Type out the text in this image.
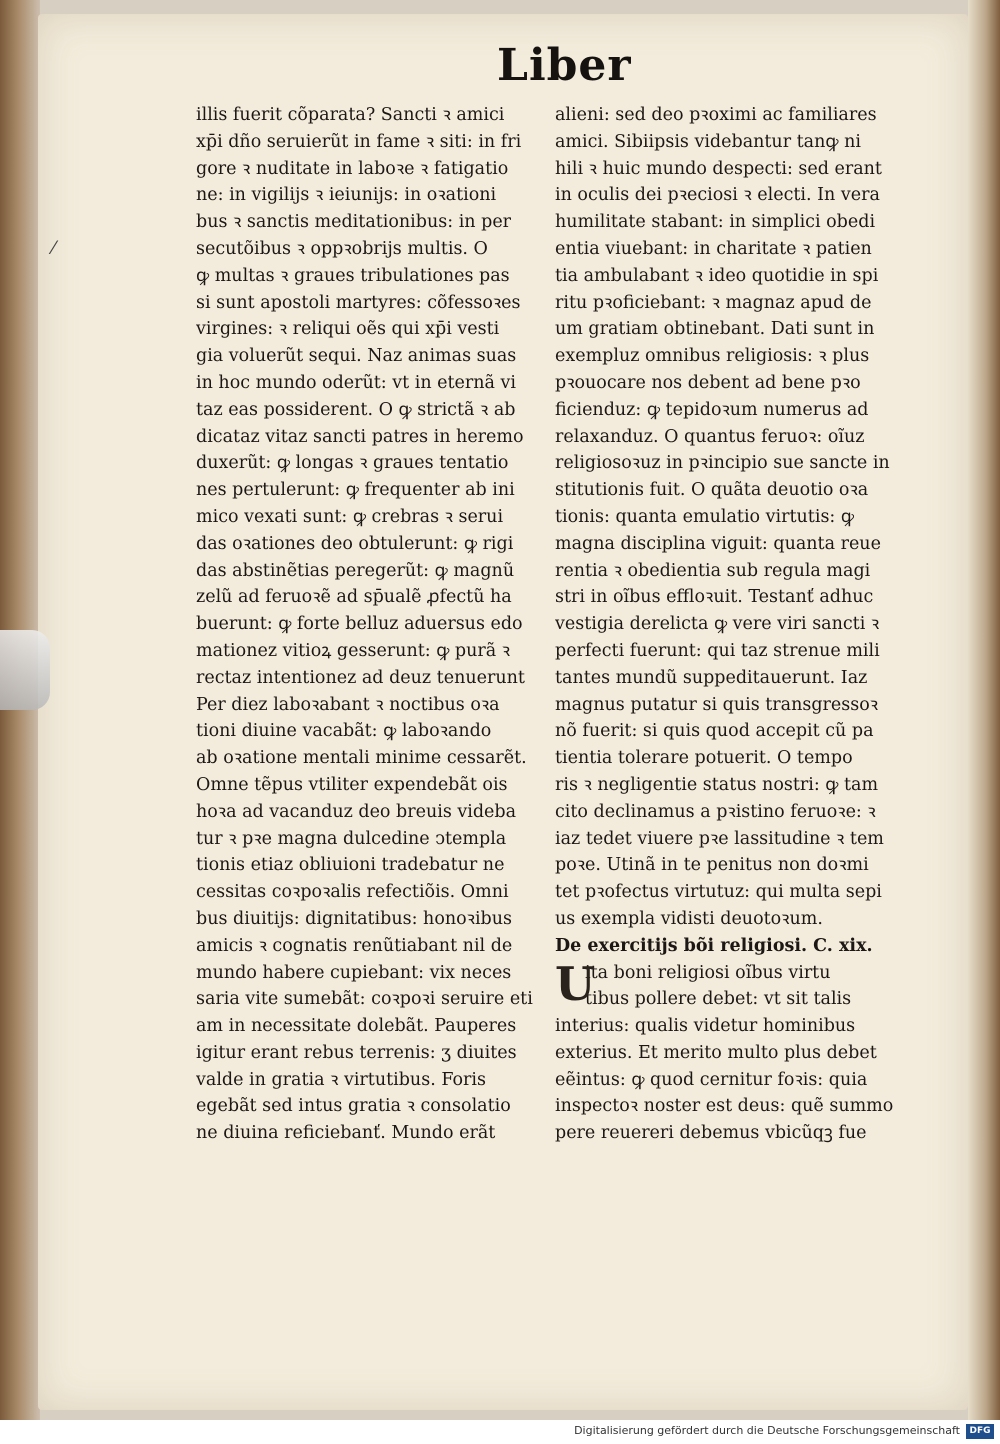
⁄
Liber
illis fuerit cõparata? Sancti ꝛ amici
xp̄i dño seruierũt in fame ꝛ siti: in fri
gore ꝛ nuditate in laboꝛe ꝛ fatigatio
ne: in vigilijs ꝛ ieiunijs: in oꝛationi
bus ꝛ sanctis meditationibus: in per
secutõibus ꝛ oppꝛobrijs multis. O
ꝙ multas ꝛ graues tribulationes pas
si sunt apostoli martyres: cõfessoꝛes
virgines: ꝛ reliqui oẽs qui xp̄i vesti
gia voluerũt sequi. Naz animas suas
in hoc mundo oderũt: vt in eternã vi
taz eas possiderent. O ꝙ strictã ꝛ ab
dicataz vitaz sancti patres in heremo
duxerũt: ꝙ longas ꝛ graues tentatio
nes pertulerunt: ꝙ frequenter ab ini
mico vexati sunt: ꝙ crebras ꝛ serui
das oꝛationes deo obtulerunt: ꝙ rigi
das abstinẽtias peregerũt: ꝙ magnũ
zelũ ad feruoꝛẽ ad sp̄ualẽ ꝓfectũ ha
buerunt: ꝙ forte belluz aduersus edo
mationez vitioꝝ gesserunt: ꝙ purã ꝛ
rectaz intentionez ad deuz tenuerunt
Per diez laboꝛabant ꝛ noctibus oꝛa
tioni diuine vacabãt: ꝙ laboꝛando
ab oꝛatione mentali minime cessarẽt.
Omne tẽpus vtiliter expendebãt ois
hoꝛa ad vacanduz deo breuis videba
tur ꝛ pꝛe magna dulcedine ↄtempla
tionis etiaz obliuioni tradebatur ne
cessitas coꝛpoꝛalis refectiõis. Omni
bus diuitijs: dignitatibus: honoꝛibus
amicis ꝛ cognatis renũtiabant nil de
mundo habere cupiebant: vix neces
saria vite sumebãt: coꝛpoꝛi seruire eti
am in necessitate dolebãt. Pauperes
igitur erant rebus terrenis: ʒ diuites
valde in gratia ꝛ virtutibus. Foris
egebãt sed intus gratia ꝛ consolatio
ne diuina reficiebanť. Mundo erãt
alieni: sed deo pꝛoximi ac familiares
amici. Sibiipsis videbantur tanꝙ ni
hili ꝛ huic mundo despecti: sed erant
in oculis dei pꝛeciosi ꝛ electi. In vera
humilitate stabant: in simplici obedi
entia viuebant: in charitate ꝛ patien
tia ambulabant ꝛ ideo quotidie in spi
ritu pꝛoficiebant: ꝛ magnaz apud de
um gratiam obtinebant. Dati sunt in
exempluz omnibus religiosis: ꝛ plus
pꝛouocare nos debent ad bene pꝛo
ficienduz: ꝙ tepidoꝛum numerus ad
relaxanduz. O quantus feruoꝛ: oĩuz
religiosoꝛuz in pꝛincipio sue sancte in
stitutionis fuit. O quãta deuotio oꝛa
tionis: quanta emulatio virtutis: ꝙ
magna disciplina viguit: quanta reue
rentia ꝛ obedientia sub regula magi
stri in oĩbus effloꝛuit. Testanť adhuc
vestigia derelicta ꝙ vere viri sancti ꝛ
perfecti fuerunt: qui taz strenue mili
tantes mundũ suppeditauerunt. Iaz
magnus putatur si quis transgressoꝛ
nõ fuerit: si quis quod accepit cũ pa
tientia tolerare potuerit. O tempo
ris ꝛ negligentie status nostri: ꝙ tam
cito declinamus a pꝛistino feruoꝛe: ꝛ
iaz tedet viuere pꝛe lassitudine ꝛ tem
poꝛe. Utinã in te penitus non doꝛmi
tet pꝛofectus virtutuz: qui multa sepi
us exempla vidisti deuotoꝛum.
De exercitijs bõi religiosi. C. xix.
U
ita boni religiosi oĩbus virtu
tibus pollere debet: vt sit talis
interius: qualis videtur hominibus
exterius. Et merito multo plus debet
eẽintus: ꝙ quod cernitur foꝛis: quia
inspectoꝛ noster est deus: quẽ summo
pere reuereri debemus vbicũqꝫ fue
Digitalisierung gefördert durch die Deutsche Forschungsgemeinschaft	DFG
